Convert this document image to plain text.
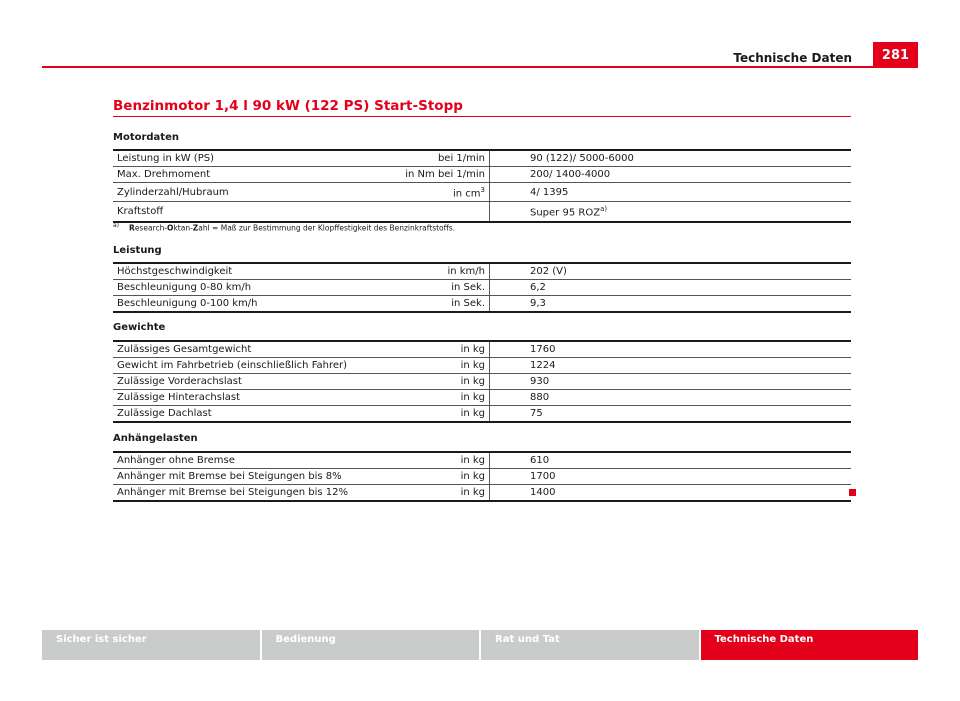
Technische Daten	281
Benzinmotor 1,4 l 90 kW (122 PS) Start-Stopp
Motordaten
Leistung in kW (PS)	bei 1/min	90 (122)/ 5000-6000
Max. Drehmoment	in Nm bei 1/min	200/ 1400-4000
Zylinderzahl/Hubraum	in $cm^3$	4/ 1395
Kraftstoff		Super 95 ROZ$^{a)}$
$^{a)}$ Research-Oktan-Zahl = Maß zur Bestimmung der Klopffestigkeit des Benzinkraftstoffs.
Leistung
Höchstgeschwindigkeit	in km/h	202 (V)
Beschleunigung 0-80 km/h	in Sek.	6,2
Beschleunigung 0-100 km/h	in Sek.	9,3
Gewichte
Zulässiges Gesamtgewicht	in kg	1760
Gewicht im Fahrbetrieb (einschließlich Fahrer)	in kg	1224
Zulässige Vorderachslast	in kg	930
Zulässige Hinterachslast	in kg	880
Zulässige Dachlast	in kg	75
Anhängelasten
Anhänger ohne Bremse	in kg	610
Anhänger mit Bremse bei Steigungen bis 8%	in kg	1700
Anhänger mit Bremse bei Steigungen bis 12%	in kg	1400
Sicher ist sicher	Bedienung	Rat und Tat	Technische Daten
